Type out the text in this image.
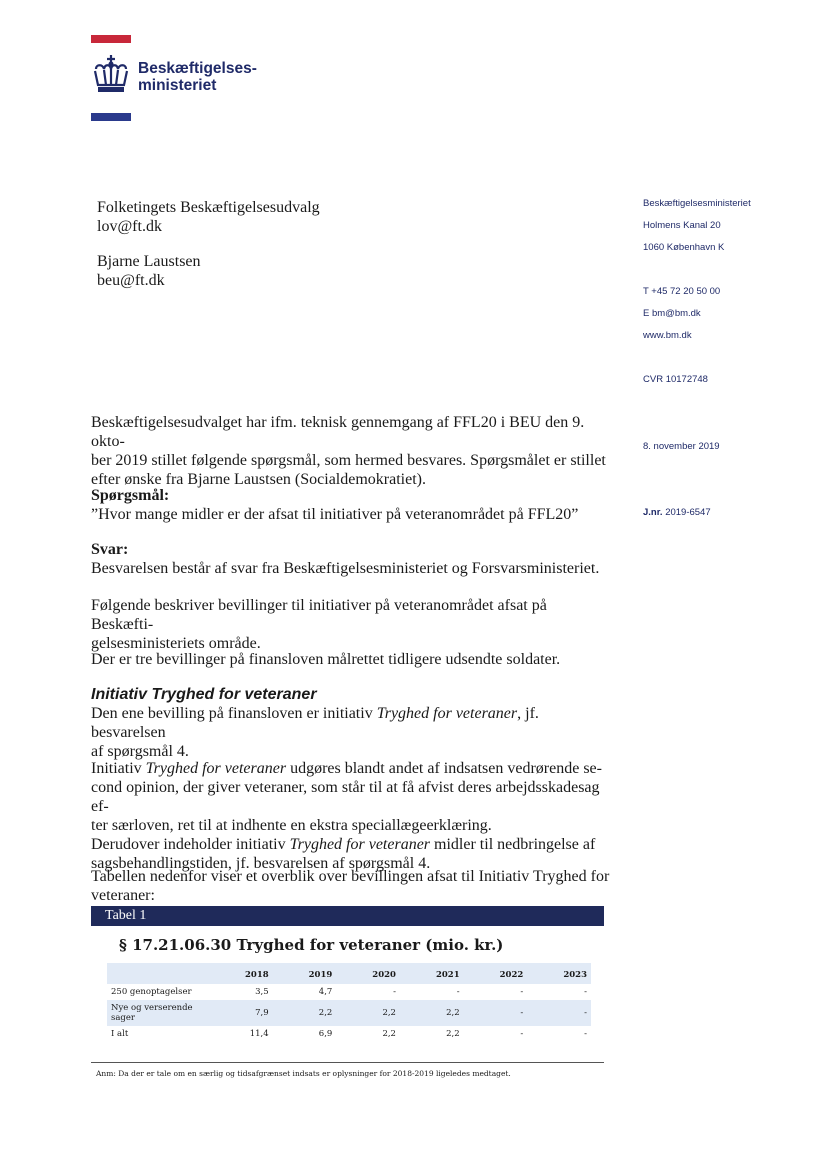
Beskæftigelses-
ministeriet
Folketingets Beskæftigelsesudvalg
lov@ft.dk
Bjarne Laustsen
beu@ft.dk
Beskæftigelsesministeriet
Holmens Kanal 20
1060 København K
T +45 72 20 50 00
E bm@bm.dk
www.bm.dk
CVR 10172748
8. november 2019
J.nr. 2019-6547
Beskæftigelsesudvalget har ifm. teknisk gennemgang af FFL20 i BEU den 9. okto-
ber 2019 stillet følgende spørgsmål, som hermed besvares. Spørgsmålet er stillet
efter ønske fra Bjarne Laustsen (Socialdemokratiet).
Spørgsmål:
”Hvor mange midler er der afsat til initiativer på veteranområdet på FFL20”
Svar:
Besvarelsen består af svar fra Beskæftigelsesministeriet og Forsvarsministeriet.
Følgende beskriver bevillinger til initiativer på veteranområdet afsat på Beskæfti-
gelsesministeriets område.
Der er tre bevillinger på finansloven målrettet tidligere udsendte soldater.
Initiativ Tryghed for veteraner
Den ene bevilling på finansloven er initiativ Tryghed for veteraner, jf. besvarelsen
af spørgsmål 4.
Initiativ Tryghed for veteraner udgøres blandt andet af indsatsen vedrørende se-
cond opinion, der giver veteraner, som står til at få afvist deres arbejdsskadesag ef-
ter særloven, ret til at indhente en ekstra speciallægeerklæring.
Derudover indeholder initiativ Tryghed for veteraner midler til nedbringelse af
sagsbehandlingstiden, jf. besvarelsen af spørgsmål 4.
Tabellen nedenfor viser et overblik over bevillingen afsat til Initiativ Tryghed for
veteraner:
Tabel 1
§ 17.21.06.30 Tryghed for veteraner (mio. kr.)
	2018	2019	2020	2021	2022	2023
250 genoptagelser	3,5	4,7	-	-	-	-
Nye og verserende sager	7,9	2,2	2,2	2,2	-	-
I alt	11,4	6,9	2,2	2,2	-	-
Anm: Da der er tale om en særlig og tidsafgrænset indsats er oplysninger for 2018-2019 ligeledes medtaget.
